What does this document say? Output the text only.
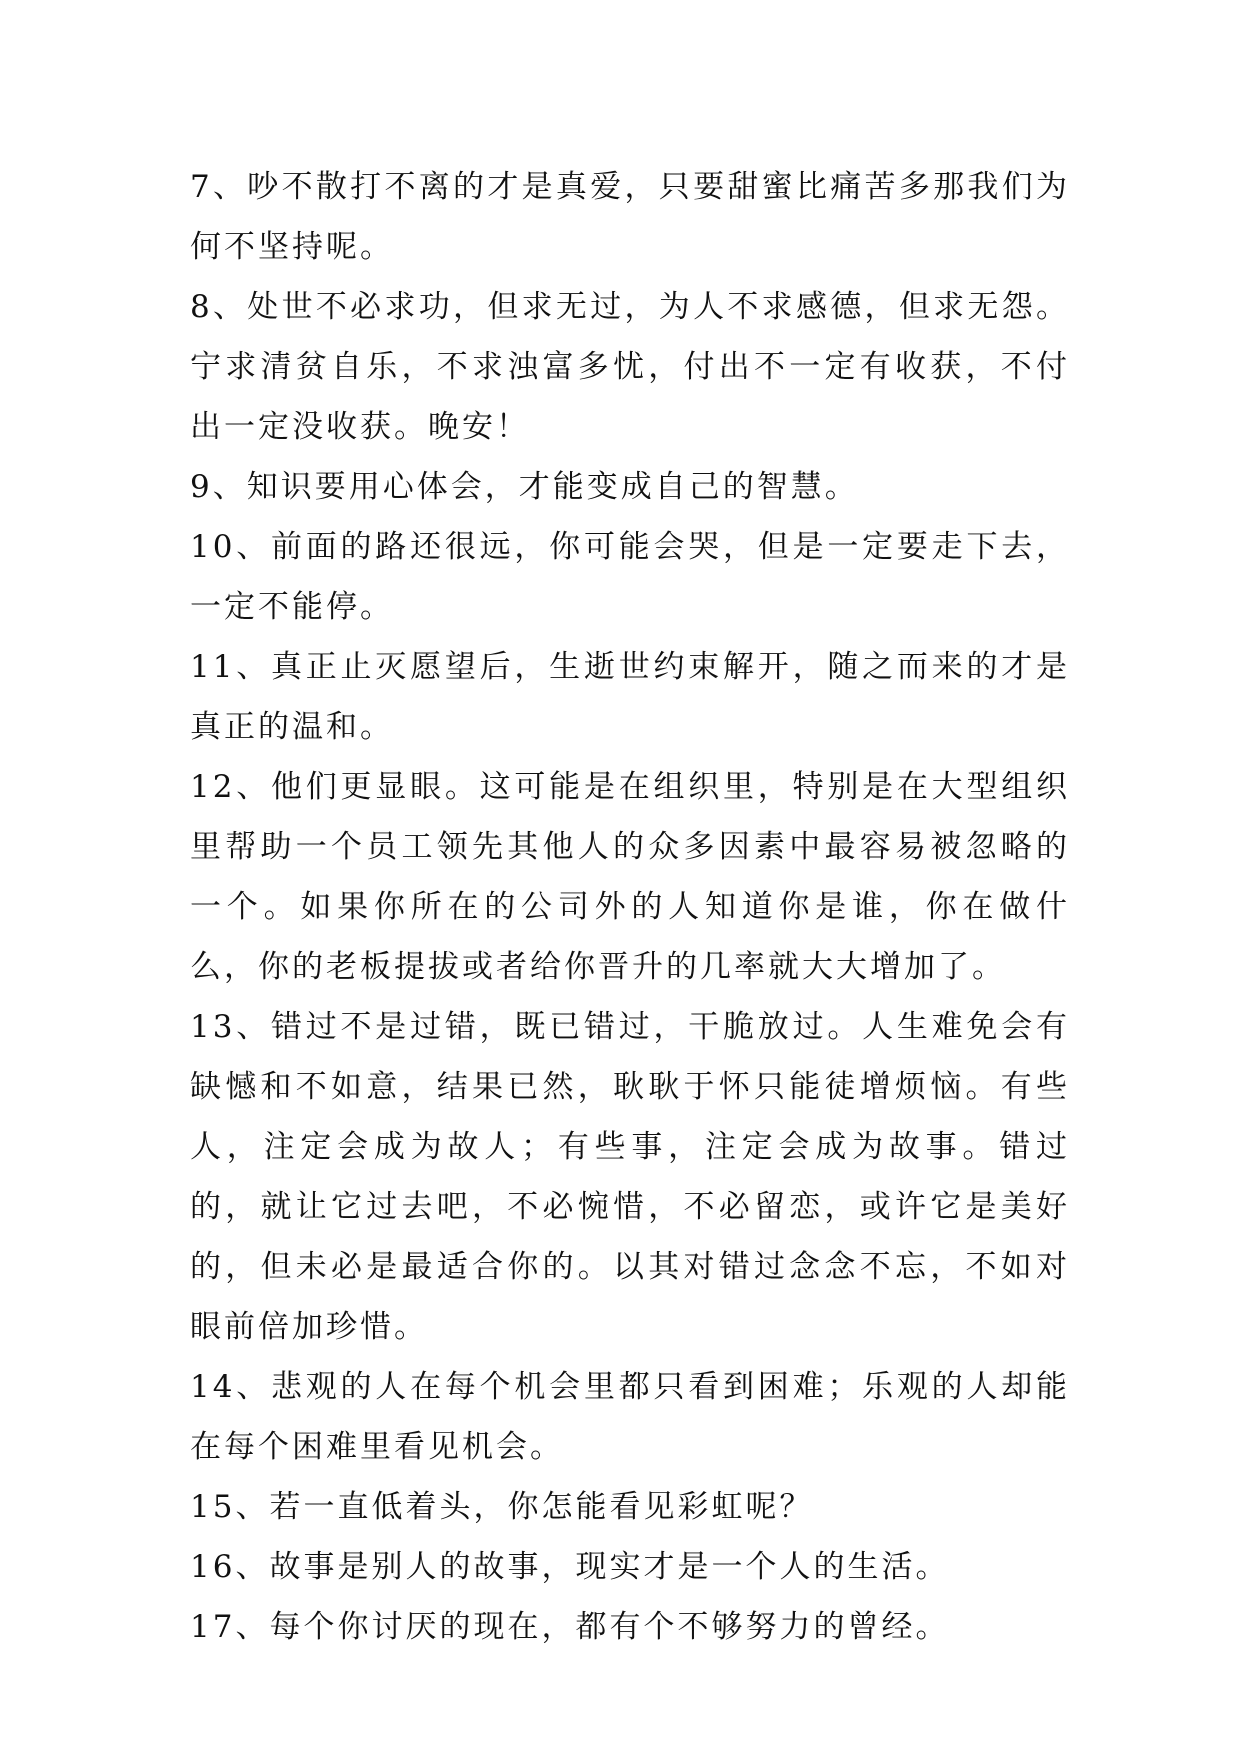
7、吵不散打不离的才是真爱，只要甜蜜比痛苦多那我们为何不坚持呢。

8、处世不必求功，但求无过，为人不求感德，但求无怨。宁求清贫自乐，不求浊富多忧，付出不一定有收获，不付出一定没收获。晚安！

9、知识要用心体会，才能变成自己的智慧。

10、前面的路还很远，你可能会哭，但是一定要走下去，一定不能停。

11、真正止灭愿望后，生逝世约束解开，随之而来的才是真正的温和。

12、他们更显眼。这可能是在组织里，特别是在大型组织里帮助一个员工领先其他人的众多因素中最容易被忽略的一个。如果你所在的公司外的人知道你是谁，你在做什么，你的老板提拔或者给你晋升的几率就大大增加了。

13、错过不是过错，既已错过，干脆放过。人生难免会有缺憾和不如意，结果已然，耿耿于怀只能徒增烦恼。有些人，注定会成为故人；有些事，注定会成为故事。错过的，就让它过去吧，不必惋惜，不必留恋，或许它是美好的，但未必是最适合你的。以其对错过念念不忘，不如对眼前倍加珍惜。

14、悲观的人在每个机会里都只看到困难；乐观的人却能在每个困难里看见机会。

15、若一直低着头，你怎能看见彩虹呢？

16、故事是别人的故事，现实才是一个人的生活。

17、每个你讨厌的现在，都有个不够努力的曾经。
